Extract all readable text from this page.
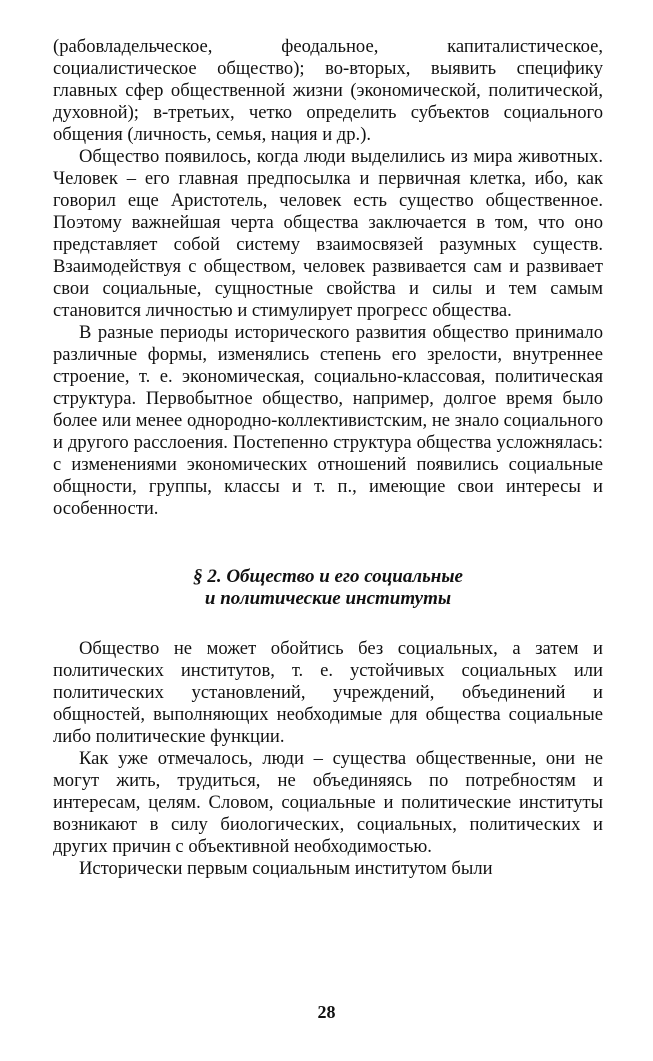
(рабовладельческое, феодальное, капиталистическое, социалистическое общество); во-вторых, выявить специфику главных сфер общественной жизни (экономической, политической, духовной); в-третьих, четко определить субъектов социального общения (личность, семья, нация и др.).

Общество появилось, когда люди выделились из мира животных. Человек – его главная предпосылка и первичная клетка, ибо, как говорил еще Аристотель, человек есть существо общественное. Поэтому важнейшая черта общества заключается в том, что оно представляет собой систему взаимосвязей разумных существ. Взаимодействуя с обществом, человек развивается сам и развивает свои социальные, сущностные свойства и силы и тем самым становится личностью и стимулирует прогресс общества.

В разные периоды исторического развития общество принимало различные формы, изменялись степень его зрелости, внутреннее строение, т. е. экономическая, социально-классовая, политическая структура. Первобытное общество, например, долгое время было более или менее однородно-коллективистским, не знало социального и другого расслоения. Постепенно структура общества усложнялась: с изменениями экономических отношений появились социальные общности, группы, классы и т. п., имеющие свои интересы и особенности.

§ 2. Общество и его социальные
и политические институты

Общество не может обойтись без социальных, а затем и политических институтов, т. е. устойчивых социальных или политических установлений, учреждений, объединений и общностей, выполняющих необходимые для общества социальные либо политические функции.

Как уже отмечалось, люди – существа общественные, они не могут жить, трудиться, не объединяясь по потребностям и интересам, целям. Словом, социальные и политические институты возникают в силу биологических, социальных, политических и других причин с объективной необходимостью.

Исторически первым социальным институтом были

28
